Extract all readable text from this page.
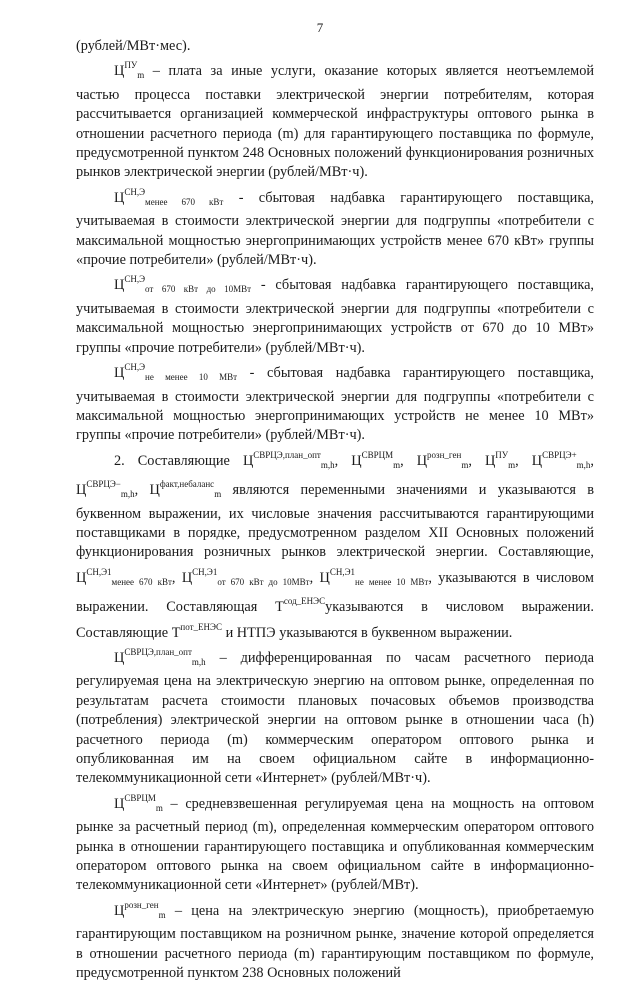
7

(рублей/МВт·мес).

$Ц^{ПУ}_m$ – плата за иные услуги, оказание которых является неотъемлемой частью процесса поставки электрической энергии потребителям, которая рассчитывается организацией коммерческой инфраструктуры оптового рынка в отношении расчетного периода (m) для гарантирующего поставщика по формуле, предусмотренной пунктом 248 Основных положений функционирования розничных рынков электрической энергии (рублей/МВт·ч).

$Ц^{СН,Э}_{менее 670 кВт}$ - сбытовая надбавка гарантирующего поставщика, учитываемая в стоимости электрической энергии для подгруппы «потребители с максимальной мощностью энергопринимающих устройств менее 670 кВт» группы «прочие потребители» (рублей/МВт·ч).

$Ц^{СН,Э}_{от 670 кВт до 10МВт}$ - сбытовая надбавка гарантирующего поставщика, учитываемая в стоимости электрической энергии для подгруппы «потребители с максимальной мощностью энергопринимающих устройств от 670 до 10 МВт» группы «прочие потребители» (рублей/МВт·ч).

$Ц^{СН,Э}_{не менее 10 МВт}$ - сбытовая надбавка гарантирующего поставщика, учитываемая в стоимости электрической энергии для подгруппы «потребители с максимальной мощностью энергопринимающих устройств не менее 10 МВт» группы «прочие потребители» (рублей/МВт·ч).

2. Составляющие $Ц^{СВРЦЭ,план\_опт}_{m,h}$, $Ц^{СВРЦМ}_m$, $Ц^{розн\_ген}_m$, $Ц^{ПУ}_m$, $Ц^{СВРЦЭ+}_{m,h}$, $Ц^{СВРЦЭ-}_{m,h}$, $Ц^{факт,небаланс}_m$ являются переменными значениями и указываются в буквенном выражении, их числовые значения рассчитываются гарантирующими поставщиками в порядке, предусмотренном разделом XII Основных положений функционирования розничных рынков электрической энергии. Составляющие, $Ц^{СН,Э1}_{менее 670 кВт}$, $Ц^{СН,Э1}_{от 670 кВт до 10МВт}$, $Ц^{СН,Э1}_{не менее 10 МВт}$, указываются в числовом выражении. Составляющая $Т^{сод\_ЕНЭС}указываются$ в числовом выражении. Составляющие $Т^{пот\_ЕНЭС}$ и НТПЭ указываются в буквенном выражении.

$Ц^{СВРЦЭ,план\_опт}_{m,h}$ – дифференцированная по часам расчетного периода регулируемая цена на электрическую энергию на оптовом рынке, определенная по результатам расчета стоимости плановых почасовых объемов производства (потребления) электрической энергии на оптовом рынке в отношении часа (h) расчетного периода (m) коммерческим оператором оптового рынка и опубликованная им на своем официальном сайте в информационно-телекоммуникационной сети «Интернет» (рублей/МВт·ч).

$Ц^{СВРЦМ}_m$ – средневзвешенная регулируемая цена на мощность на оптовом рынке за расчетный период (m), определенная коммерческим оператором оптового рынка в отношении гарантирующего поставщика и опубликованная коммерческим оператором оптового рынка на своем официальном сайте в информационно-телекоммуникационной сети «Интернет» (рублей/МВт).

$Ц^{розн\_ген}_m$ – цена на электрическую энергию (мощность), приобретаемую гарантирующим поставщиком на розничном рынке, значение которой определяется в отношении расчетного периода (m) гарантирующим поставщиком по формуле, предусмотренной пунктом 238 Основных положений
